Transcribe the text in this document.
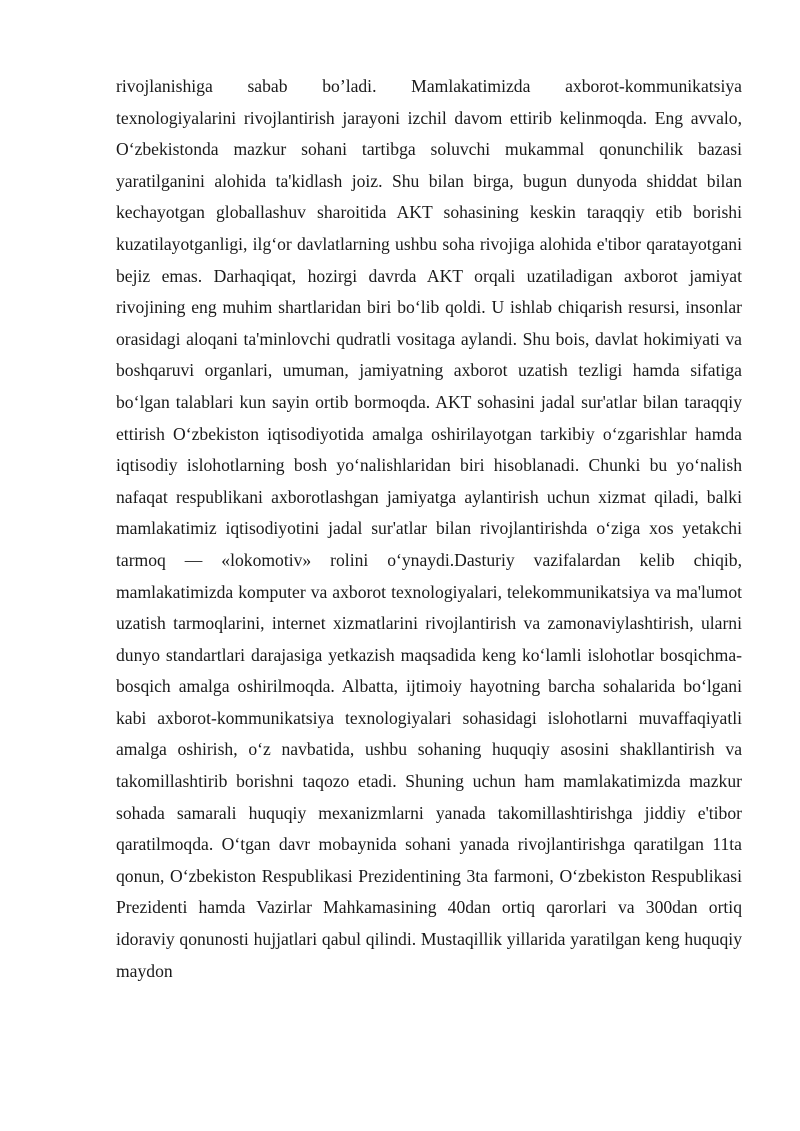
rivojlanishiga sabab bo’ladi. Mamlakatimizda axborot-kommunikatsiya texnologiyalarini rivojlantirish jarayoni izchil davom ettirib kelinmoqda. Eng avvalo, O‘zbekistonda mazkur sohani tartibga soluvchi mukammal qonunchilik bazasi yaratilganini alohida ta'kidlash joiz. Shu bilan birga, bugun dunyoda shiddat bilan kechayotgan globallashuv sharoitida AKT sohasining keskin taraqqiy etib borishi kuzatilayotganligi, ilg‘or davlatlarning ushbu soha rivojiga alohida e'tibor qaratayotgani bejiz emas. Darhaqiqat, hozirgi davrda AKT orqali uzatiladigan axborot jamiyat rivojining eng muhim shartlaridan biri bo‘lib qoldi. U ishlab chiqarish resursi, insonlar orasidagi aloqani ta'minlovchi qudratli vositaga aylandi. Shu bois, davlat hokimiyati va boshqaruvi organlari, umuman, jamiyatning axborot uzatish tezligi hamda sifatiga bo‘lgan talablari kun sayin ortib bormoqda. AKT sohasini jadal sur'atlar bilan taraqqiy ettirish O‘zbekiston iqtisodiyotida amalga oshirilayotgan tarkibiy o‘zgarishlar hamda iqtisodiy islohotlarning bosh yo‘nalishlaridan biri hisoblanadi. Chunki bu yo‘nalish nafaqat respublikani axborotlashgan jamiyatga aylantirish uchun xizmat qiladi, balki mamlakatimiz iqtisodiyotini jadal sur'atlar bilan rivojlantirishda o‘ziga xos yetakchi tarmoq — «lokomotiv» rolini o‘ynaydi.Dasturiy vazifalardan kelib chiqib, mamlakatimizda komputer va axborot texnologiyalari, telekommunikatsiya va ma'lumot uzatish tarmoqlarini, internet xizmatlarini rivojlantirish va zamonaviylashtirish, ularni dunyo standartlari darajasiga yetkazish maqsadida keng ko‘lamli islohotlar bosqichma-bosqich amalga oshirilmoqda. Albatta, ijtimoiy hayotning barcha sohalarida bo‘lgani kabi axborot-kommunikatsiya texnologiyalari sohasidagi islohotlarni muvaffaqiyatli amalga oshirish, o‘z navbatida, ushbu sohaning huquqiy asosini shakllantirish va takomillashtirib borishni taqozo etadi. Shuning uchun ham mamlakatimizda mazkur sohada samarali huquqiy mexanizmlarni yanada takomillashtirishga jiddiy e'tibor qaratilmoqda. O‘tgan davr mobaynida sohani yanada rivojlantirishga qaratilgan 11ta qonun, O‘zbekiston Respublikasi Prezidentining 3ta farmoni, O‘zbekiston Respublikasi Prezidenti hamda Vazirlar Mahkamasining 40dan ortiq qarorlari va 300dan ortiq idoraviy qonunosti hujjatlari qabul qilindi. Mustaqillik yillarida yaratilgan keng huquqiy maydon
